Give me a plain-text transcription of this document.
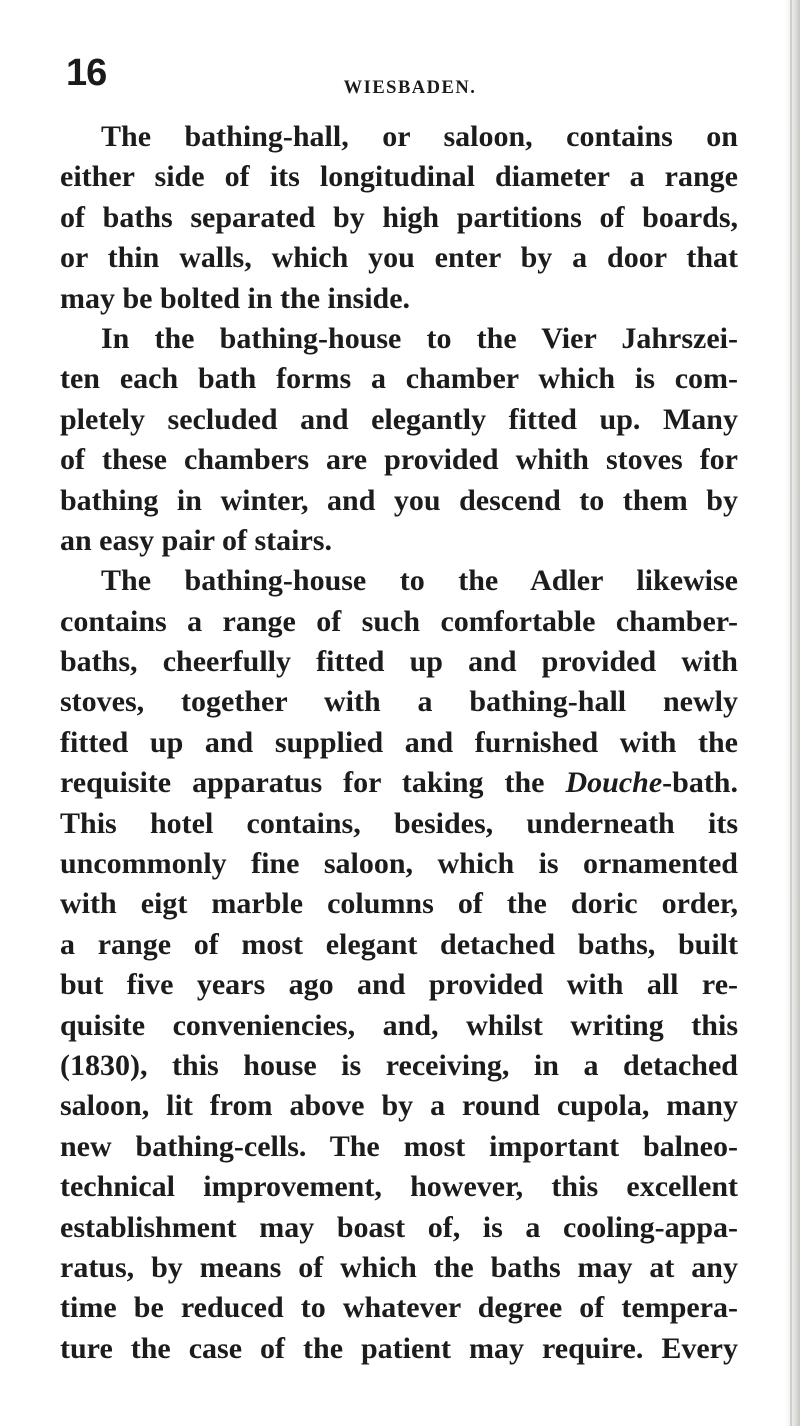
16	WIESBADEN.
The bathing-hall, or saloon, contains on
either side of its longitudinal diameter a range
of baths separated by high partitions of boards,
or thin walls, which you enter by a door that
may be bolted in the inside.
In the bathing-house to the Vier Jahrszei-
ten each bath forms a chamber which is com-
pletely secluded and elegantly fitted up. Many
of these chambers are provided whith stoves for
bathing in winter, and you descend to them by
an easy pair of stairs.
The bathing-house to the Adler likewise
contains a range of such comfortable chamber-
baths, cheerfully fitted up and provided with
stoves, together with a bathing-hall newly
fitted up and supplied and furnished with the
requisite apparatus for taking the Douche-bath.
This hotel contains, besides, underneath its
uncommonly fine saloon, which is ornamented
with eigt marble columns of the doric order,
a range of most elegant detached baths, built
but five years ago and provided with all re-
quisite conveniencies, and, whilst writing this
(1830), this house is receiving, in a detached
saloon, lit from above by a round cupola, many
new bathing-cells. The most important balneo-
technical improvement, however, this excellent
establishment may boast of, is a cooling-appa-
ratus, by means of which the baths may at any
time be reduced to whatever degree of tempera-
ture the case of the patient may require. Every
